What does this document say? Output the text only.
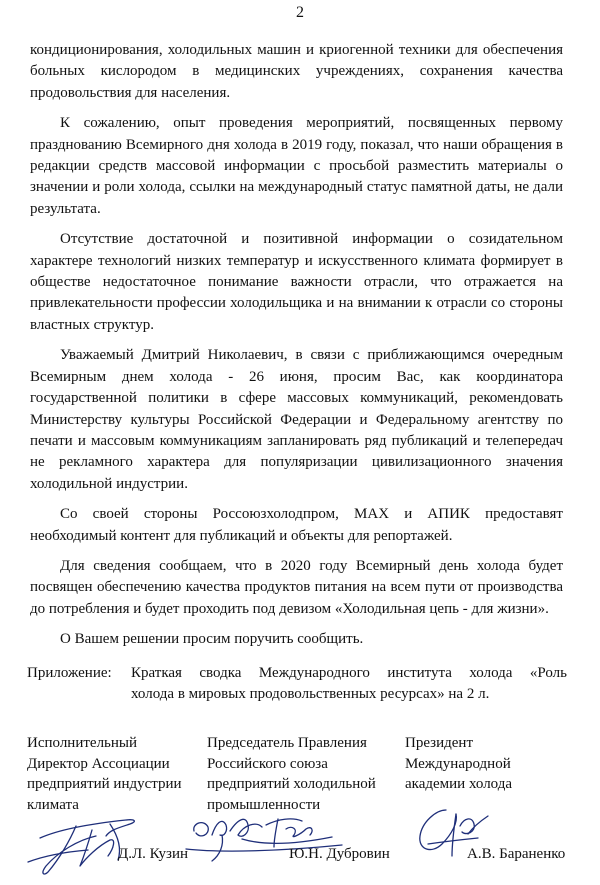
2

кондиционирования, холодильных машин и криогенной техники для обеспечения больных кислородом в медицинских учреждениях, сохранения качества продовольствия для населения.

К сожалению, опыт проведения мероприятий, посвященных первому празднованию Всемирного дня холода в 2019 году, показал, что наши обращения в редакции средств массовой информации с просьбой разместить материалы о значении и роли холода, ссылки на международный статус памятной даты, не дали результата.

Отсутствие достаточной и позитивной информации о созидательном характере технологий низких температур и искусственного климата формирует в обществе недостаточное понимание важности отрасли, что отражается на привлекательности профессии холодильщика и на внимании к отрасли со стороны властных структур.

Уважаемый Дмитрий Николаевич, в связи с приближающимся очередным Всемирным днем холода - 26 июня, просим Вас, как координатора государственной политики в сфере массовых коммуникаций, рекомендовать Министерству культуры Российской Федерации и Федеральному агентству по печати и массовым коммуникациям запланировать ряд публикаций и телепередач не рекламного характера для популяризации цивилизационного значения холодильной индустрии.

Со своей стороны Россоюзхолодпром, МАХ и АПИК предоставят необходимый контент для публикаций и объекты для репортажей.

Для сведения сообщаем, что в 2020 году Всемирный день холода будет посвящен обеспечению качества продуктов питания на всем пути от производства до потребления и будет проходить под девизом «Холодильная цепь - для жизни».

О Вашем решении просим поручить сообщить.

Приложение: Краткая сводка Международного института холода «Роль
холода в мировых продовольственных ресурсах» на 2 л.
Исполнительный
Директор Ассоциации
предприятий индустрии
климата
Председатель Правления
Российского союза
предприятий холодильной
промышленности
Президент
Международной
академии холода
Д.Л. Кузин	Ю.Н. Дубровин	А.В. Бараненко
